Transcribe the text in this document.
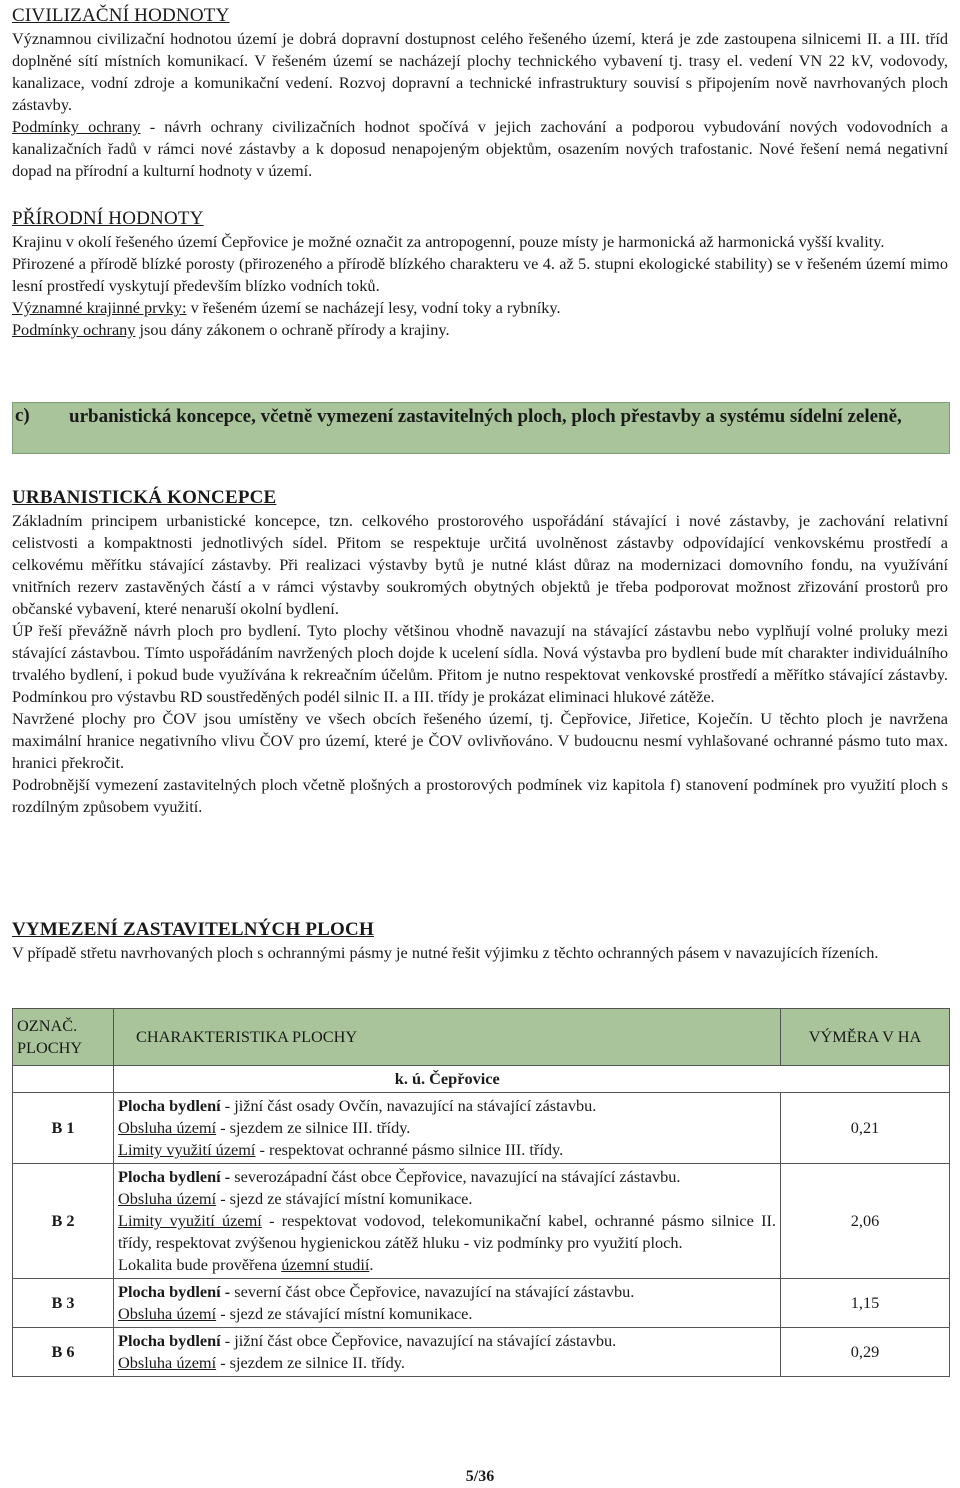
CIVILIZAČNÍ HODNOTY

Významnou civilizační hodnotou území je dobrá dopravní dostupnost celého řešeného území, která je zde zastoupena silnicemi II. a III. tříd doplněné sítí místních komunikací. V řešeném území se nacházejí plochy technického vybavení tj. trasy el. vedení VN 22 kV, vodovody, kanalizace, vodní zdroje a komunikační vedení. Rozvoj dopravní a technické infrastruktury souvisí s připojením nově navrhovaných ploch zástavby.

Podmínky ochrany - návrh ochrany civilizačních hodnot spočívá v jejich zachování a podporou vybudování nových vodovodních a kanalizačních řadů v rámci nové zástavby a k doposud nenapojeným objektům, osazením nových trafostanic. Nové řešení nemá negativní dopad na přírodní a kulturní hodnoty v území.

PŘÍRODNÍ HODNOTY

Krajinu v okolí řešeného území Čepřovice je možné označit za antropogenní, pouze místy je harmonická až harmonická vyšší kvality.

Přirozené a přírodě blízké porosty (přirozeného a přírodě blízkého charakteru ve 4. až 5. stupni ekologické stability) se v řešeném území mimo lesní prostředí vyskytují především blízko vodních toků.

Významné krajinné prvky: v řešeném území se nacházejí lesy, vodní toky a rybníky.

Podmínky ochrany jsou dány zákonem o ochraně přírody a krajiny.

c) urbanistická koncepce, včetně vymezení zastavitelných ploch, ploch přestavby a systému sídelní zeleně,
URBANISTICKÁ KONCEPCE

Základním principem urbanistické koncepce, tzn. celkového prostorového uspořádání stávající i nové zástavby, je zachování relativní celistvosti a kompaktnosti jednotlivých sídel. Přitom se respektuje určitá uvolněnost zástavby odpovídající venkovskému prostředí a celkovému měřítku stávající zástavby. Při realizaci výstavby bytů je nutné klást důraz na modernizaci domovního fondu, na využívání vnitřních rezerv zastavěných částí a v rámci výstavby soukromých obytných objektů je třeba podporovat možnost zřizování prostorů pro občanské vybavení, které nenaruší okolní bydlení.

ÚP řeší převážně návrh ploch pro bydlení. Tyto plochy většinou vhodně navazují na stávající zástavbu nebo vyplňují volné proluky mezi stávající zástavbou. Tímto uspořádáním navržených ploch dojde k ucelení sídla. Nová výstavba pro bydlení bude mít charakter individuálního trvalého bydlení, i pokud bude využívána k rekreačním účelům. Přitom je nutno respektovat venkovské prostředí a měřítko stávající zástavby. Podmínkou pro výstavbu RD soustředěných podél silnic II. a III. třídy je prokázat eliminaci hlukové zátěže.

Navržené plochy pro ČOV jsou umístěny ve všech obcích řešeného území, tj. Čepřovice, Jiřetice, Koječín. U těchto ploch je navržena maximální hranice negativního vlivu ČOV pro území, které je ČOV ovlivňováno. V budoucnu nesmí vyhlašované ochranné pásmo tuto max. hranici překročit.

Podrobnější vymezení zastavitelných ploch včetně plošných a prostorových podmínek viz kapitola f) stanovení podmínek pro využití ploch s rozdílným způsobem využití.

VYMEZENÍ ZASTAVITELNÝCH PLOCH

V případě střetu navrhovaných ploch s ochrannými pásmy je nutné řešit výjimku z těchto ochranných pásem v navazujících řízeních.

OZNAČ. PLOCHY	CHARAKTERISTIKA PLOCHY	VÝMĚRA V HA
	k. ú. Čepřovice	
B 1	Plocha bydlení - jižní část osady Ovčín, navazující na stávající zástavbu.
Obsluha území - sjezdem ze silnice III. třídy.
Limity využití území - respektovat ochranné pásmo silnice III. třídy.	0,21
B 2	Plocha bydlení - severozápadní část obce Čepřovice, navazující na stávající zástavbu.
Obsluha území - sjezd ze stávající místní komunikace.
Limity využití území - respektovat vodovod, telekomunikační kabel, ochranné pásmo silnice II. třídy, respektovat zvýšenou hygienickou zátěž hluku - viz podmínky pro využití ploch.
Lokalita bude prověřena územní studií.	2,06
B 3	Plocha bydlení - severní část obce Čepřovice, navazující na stávající zástavbu.
Obsluha území - sjezd ze stávající místní komunikace.	1,15
B 6	Plocha bydlení - jižní část obce Čepřovice, navazující na stávající zástavbu.
Obsluha území - sjezdem ze silnice II. třídy.	0,29
5/36
